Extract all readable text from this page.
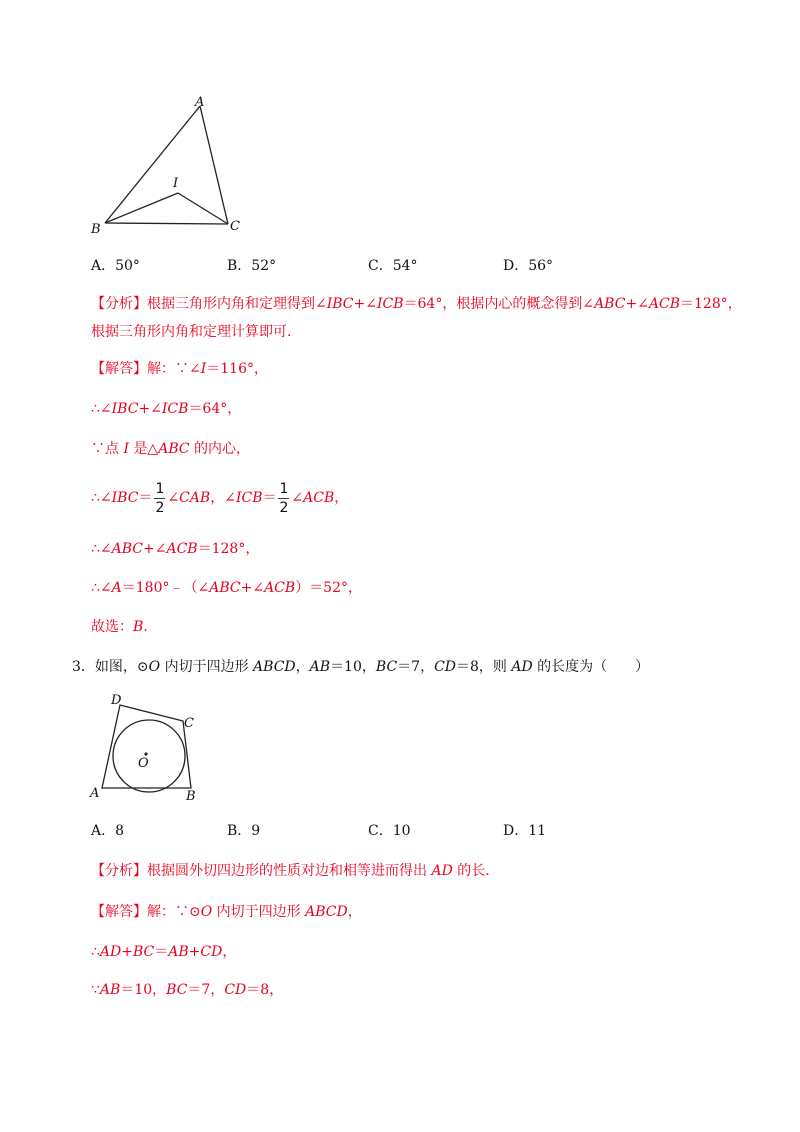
A
I
B	C
A．50°	B．52°	C．54°	D．56°
【分析】根据三角形内角和定理得到∠IBC+∠ICB＝64°，根据内心的概念得到∠ABC+∠ACB＝128°，
根据三角形内角和定理计算即可.
【解答】解：∵∠I＝116°，
∴∠IBC+∠ICB＝64°，
∵点 I 是△ABC 的内心，
∴∠IBC＝ $\frac{1}{2}$ ∠CAB，∠ICB＝ $\frac{1}{2}$ ∠ACB，
∴∠ABC+∠ACB＝128°，
∴∠A＝180°﹣（∠ABC+∠ACB）＝52°，
故选：B.
3．如图，⊙O 内切于四边形 ABCD，AB＝10，BC＝7，CD＝8，则 AD 的长度为（　　）
D
C
O
A	B
A．8	B．9	C．10	D．11
【分析】根据圆外切四边形的性质对边和相等进而得出 AD 的长.
【解答】解：∵⊙O 内切于四边形 ABCD，
∴AD+BC＝AB+CD，
∵AB＝10，BC＝7，CD＝8，
